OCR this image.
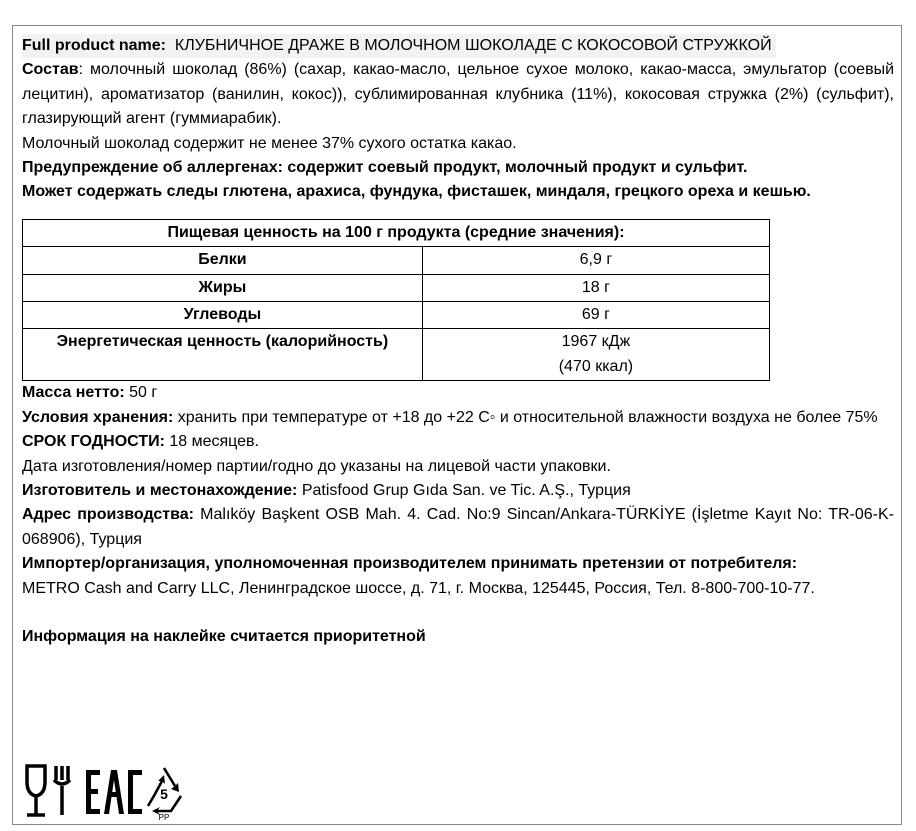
Full product name: КЛУБНИЧНОЕ ДРАЖЕ В МОЛОЧНОМ ШОКОЛАДЕ С КОКОСОВОЙ СТРУЖКОЙ

Состав: молочный шоколад (86%) (сахар, какао-масло, цельное сухое молоко, какао-масса, эмульгатор (соевый лецитин), ароматизатор (ванилин, кокос)), сублимированная клубника (11%), кокосовая стружка (2%) (сульфит), глазирующий агент (гуммиарабик).

Молочный шоколад содержит не менее 37% сухого остатка какао.

Предупреждение об аллергенах: содержит соевый продукт, молочный продукт и сульфит.

Может содержать следы глютена, арахиса, фундука, фисташек, миндаля, грецкого ореха и кешью.

Пищевая ценность на 100 г продукта (средние значения):	
Белки	6,9 г
Жиры	18 г
Углеводы	69 г
Энергетическая ценность (калорийность)	1967 кДж
(470 ккал)

Масса нетто: 50 г

Условия хранения: хранить при температуре от +18 до +22 С◦ и относительной влажности воздуха не более 75%

СРОК ГОДНОСТИ: 18 месяцев.

Дата изготовления/номер партии/годно до указаны на лицевой части упаковки.

Изготовитель и местонахождение: Patisfood Grup Gıda San. ve Tic. A.Ş., Турция

Адрес производства: Malıköy Başkent OSB Mah. 4. Cad. No:9 Sincan/Ankara-TÜRKİYE (İşletme Kayıt No: TR-06-K-068906), Турция

Импортер/организация, уполномоченная производителем принимать претензии от потребителя:

METRO Cash and Carry LLC, Ленинградское шоссе, д. 71, г. Москва, 125445, Россия, Тел. 8-800-700-10-77.

Информация на наклейке считается приоритетной

EAC
5
PP
